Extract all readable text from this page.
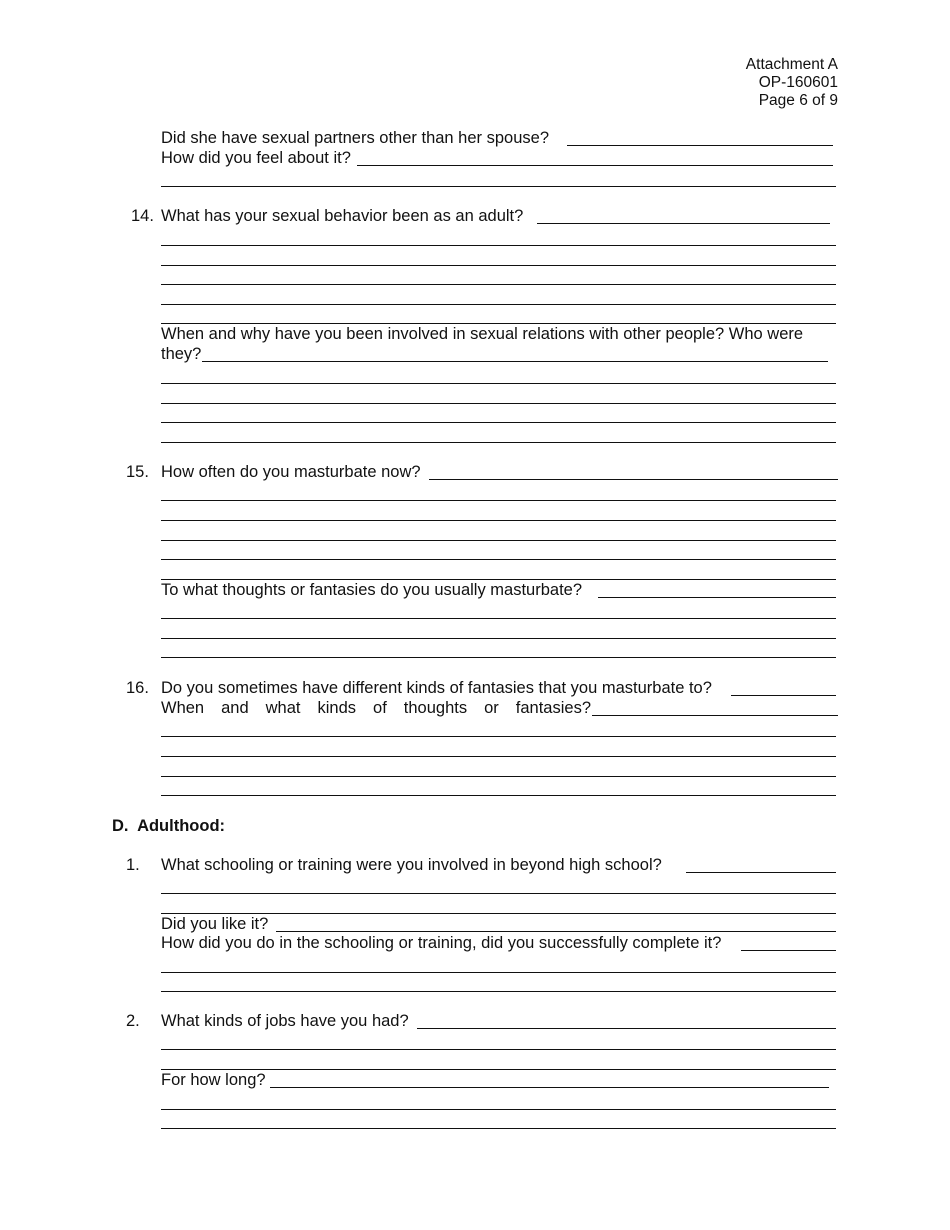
Attachment A
OP-160601
Page 6 of 9
Did she have sexual partners other than her spouse?
How did you feel about it?
14. What has your sexual behavior been as an adult?
When and why have you been involved in sexual relations with other people? Who were
they?
15. How often do you masturbate now?
To what thoughts or fantasies do you usually masturbate?
16. Do you sometimes have different kinds of fantasies that you masturbate to?
When and what kinds of thoughts or fantasies?
D. Adulthood:
1. What schooling or training were you involved in beyond high school?
Did you like it?
How did you do in the schooling or training, did you successfully complete it?
2. What kinds of jobs have you had?
For how long?
